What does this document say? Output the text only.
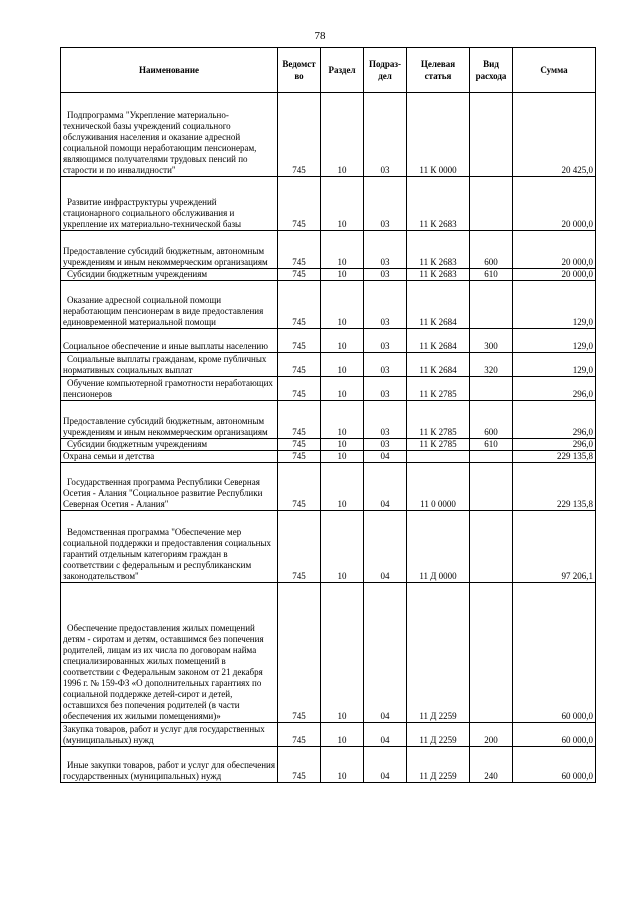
78
Наименование	Ведомст во	Раздел	Подраз- дел	Целевая статья	Вид расхода	Сумма
Подпрограмма "Укрепление материально-технической базы учреждений социального обслуживания населения и оказание адресной социальной помощи неработающим пенсионерам, являющимся получателями трудовых пенсий по старости и по инвалидности"	745	10	03	11 К 0000		20 425,0
Развитие инфраструктуры учреждений стационарного социального обслуживания и укрепление их материально-технической базы	745	10	03	11 К 2683		20 000,0
Предоставление субсидий бюджетным, автономным учреждениям и иным некоммерческим организациям	745	10	03	11 К 2683	600	20 000,0
Субсидии бюджетным учреждениям	745	10	03	11 К 2683	610	20 000,0
Оказание адресной социальной помощи неработающим пенсионерам в виде предоставления единовременной материальной помощи	745	10	03	11 К 2684		129,0
Социальное обеспечение и иные выплаты населению	745	10	03	11 К 2684	300	129,0
Социальные выплаты гражданам, кроме публичных нормативных социальных выплат	745	10	03	11 К 2684	320	129,0
Обучение компьютерной грамотности неработающих пенсионеров	745	10	03	11 К 2785		296,0
Предоставление субсидий бюджетным, автономным учреждениям и иным некоммерческим организациям	745	10	03	11 К 2785	600	296,0
Субсидии бюджетным учреждениям	745	10	03	11 К 2785	610	296,0
Охрана семьи и детства	745	10	04			229 135,8
Государственная программа Республики Северная Осетия - Алания "Социальное развитие Республики Северная Осетия - Алания"	745	10	04	11 0 0000		229 135,8
Ведомственная программа "Обеспечение мер социальной поддержки и предоставления социальных гарантий отдельным категориям граждан в соответствии с федеральным и республиканским законодательством"	745	10	04	11 Д 0000		97 206,1
Обеспечение предоставления жилых помещений детям - сиротам и детям, оставшимся без попечения родителей, лицам из их числа по договорам найма специализированных жилых помещений в соответствии с Федеральным законом от 21 декабря 1996 г. № 159-ФЗ «О дополнительных гарантиях по социальной поддержке детей-сирот и детей, оставшихся без попечения родителей (в части обеспечения их жилыми помещениями)»	745	10	04	11 Д 2259		60 000,0
Закупка товаров, работ и услуг для государственных (муниципальных) нужд	745	10	04	11 Д 2259	200	60 000,0
Иные закупки товаров, работ и услуг для обеспечения государственных (муниципальных) нужд	745	10	04	11 Д 2259	240	60 000,0
